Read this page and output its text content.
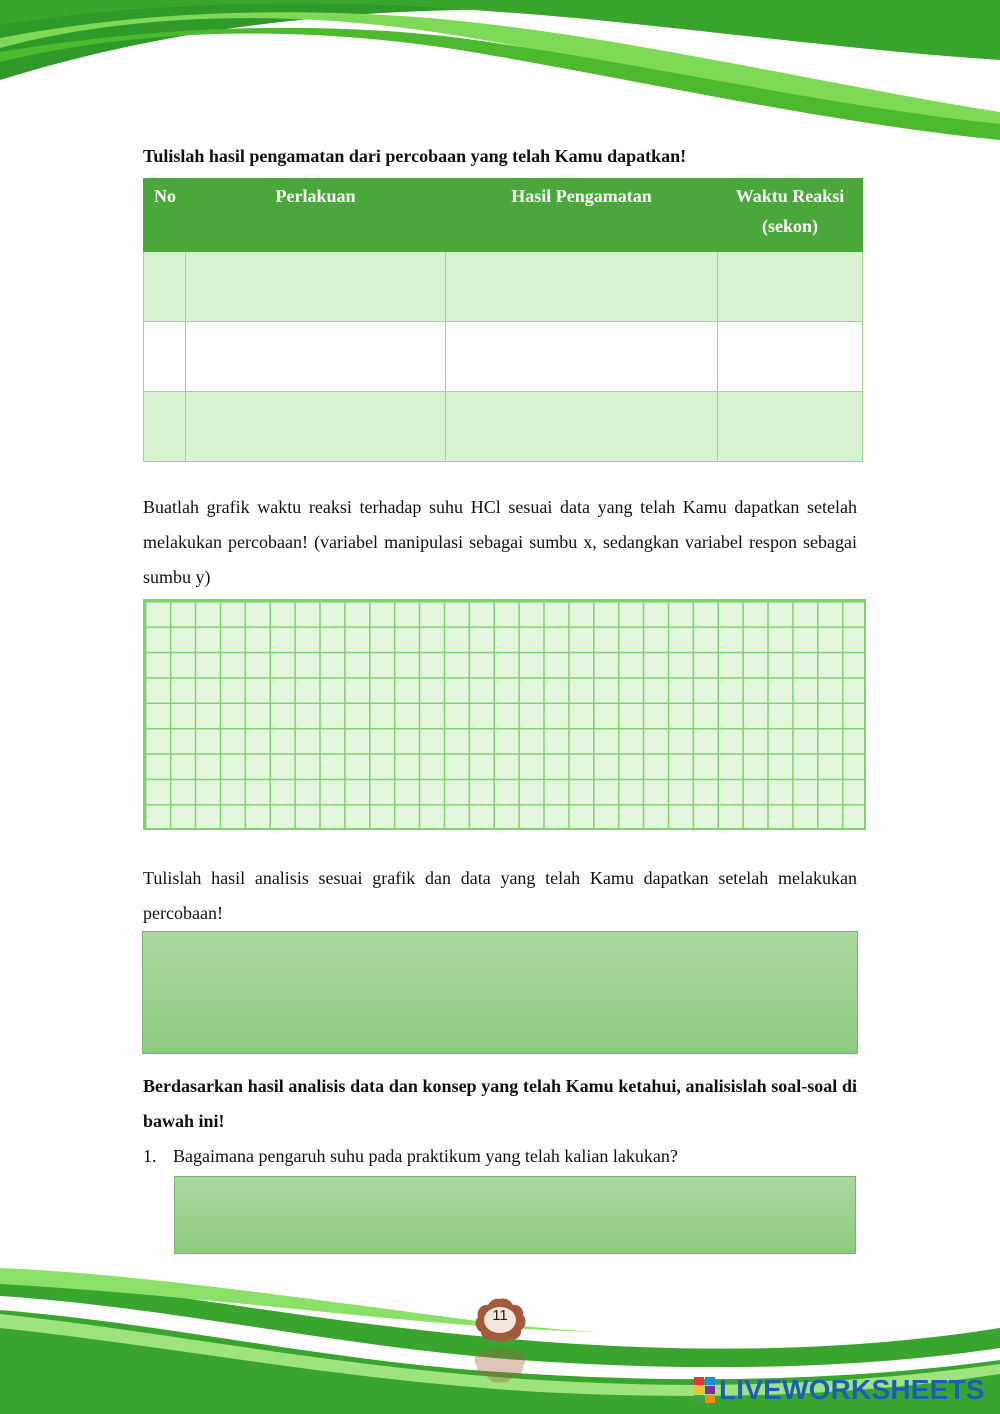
Tulislah hasil pengamatan dari percobaan yang telah Kamu dapatkan!
No	Perlakuan	Hasil Pengamatan	Waktu Reaksi
(sekon)

Buatlah grafik waktu reaksi terhadap suhu HCl sesuai data yang telah Kamu dapatkan setelah melakukan percobaan! (variabel manipulasi sebagai sumbu x, sedangkan variabel respon sebagai sumbu y)
Tulislah hasil analisis sesuai grafik dan data yang telah Kamu dapatkan setelah melakukan percobaan!
Berdasarkan hasil analisis data dan konsep yang telah Kamu ketahui, analisislah soal-soal di bawah ini!
1. Bagaimana pengaruh suhu pada praktikum yang telah kalian lakukan?
11
LIVEWORKSHEETS
